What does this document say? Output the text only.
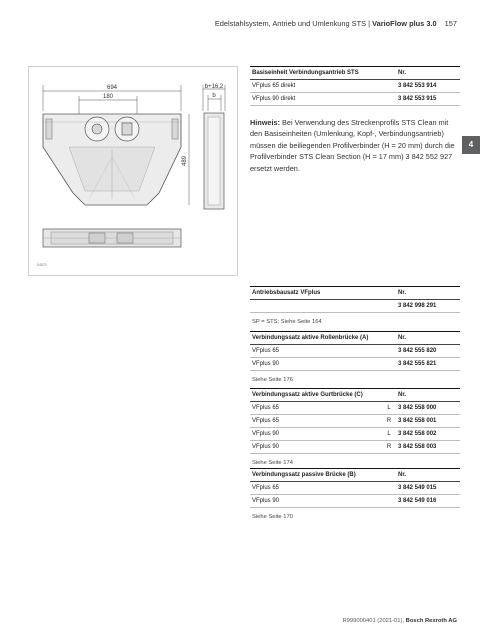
Edelstahlsystem, Antrieb und Umlenkung STS | VarioFlow plus 3.0 157
4
694
180
489
b+16,2
b
04870
Basiseinheit Verbindungsantrieb STS	Nr.
VFplus 65 direkt	3 842 553 914
VFplus 90 direkt	3 842 553 915
Hinweis: Bei Verwendung des Streckenprofils STS Clean mit den Basiseinheiten (Umlenkung, Kopf-, Verbindungsantrieb) müssen die beiliegenden Profilverbinder (H = 20 mm) durch die Profilverbinder STS Clean Section (H = 17 mm) 3 842 552 927 ersetzt werden.
Antriebsbausatz VFplus	Nr.
3 842 998 291
SP = STS; Siehe Seite 164
Verbindungssatz aktive Rollenbrücke (A)	Nr.
VFplus 65	3 842 555 820
VFplus 90	3 842 555 821
Siehe Seite 176
Verbindungssatz aktive Gurtbrücke (C)	Nr.
VFplus 65	L	3 842 558 000
VFplus 65	R	3 842 558 001
VFplus 90	L	3 842 558 002
VFplus 90	R	3 842 558 003
Siehe Seite 174
Verbindungssatz passive Brücke (B)	Nr.
VFplus 65	3 842 549 015
VFplus 90	3 842 549 016
Siehe Seite 170
R999000401 (2021-01), Bosch Rexroth AG
